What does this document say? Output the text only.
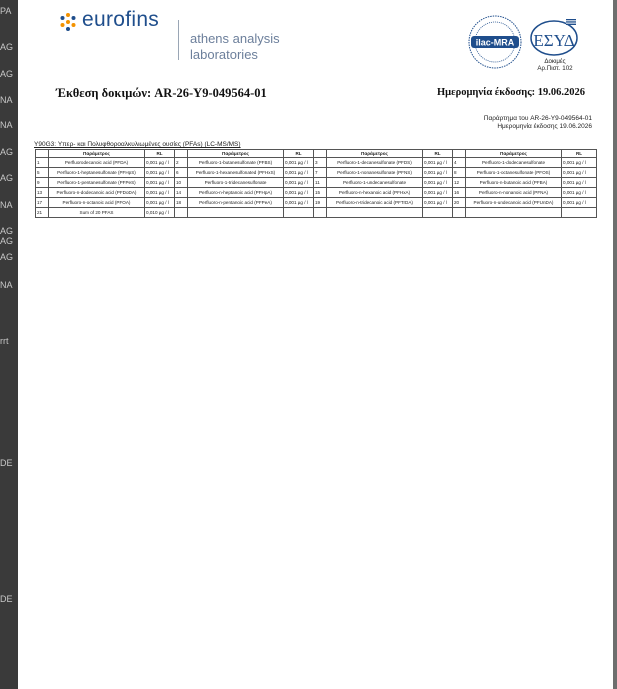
PA
AG
AG
NA
NA
AG
AG
NA
AG
AG
AG
NA
rrt
DE
DE
eurofins
athens analysis
laboratories
ilac-MRA ΕΣΥΔ
Δοκιμές
Αρ.Πιστ. 102
Έκθεση δοκιμών: AR-26-Y9-049564-01	Ημερομηνία έκδοσης: 19.06.2026
Παράρτημα του AR-26-Y9-049564-01
Ημερομηνία έκδοσης 19.06.2026
Y90G3: Υπερ- και Πολυφθοροαλκυλιωμένες ουσίες (PFAs) (LC-MS/MS)
	Παράμετρος	RL		Παράμετρος	RL		Παράμετρος	RL		Παράμετρος	RL
1	Perfluorodecanoic acid (PFDA)	0,001 µg / l	2	Perfluoro-1-butanesulfonate (PFBS)	0,001 µg / l	3	Perfluoro-1-decanesulfonate (PFDS)	0,001 µg / l	4	Perfluoro-1-dodecanesulfonate	0,001 µg / l
5	Perfluoro-1-heptanesulfonate (PFHpS)	0,001 µg / l	6	Perfluoro-1-hexanesulfonated (PFHxS)	0,001 µg / l	7	Perfluoro-1-nonanesulfonate (PFNS)	0,001 µg / l	8	Perfluoro-1-octanesulfonate (PFOS)	0,001 µg / l
9	Perfluoro-1-pentanesulfonate (PFPeS)	0,001 µg / l	10	Perfluoro-1-tridecanesulfonate	0,001 µg / l	11	Perfluoro-1-undecanesulfonate	0,001 µg / l	12	Perfluoro-n-butanoic acid (PFBA)	0,001 µg / l
13	Perfluoro-n-dodecanoic acid (PFDoDA)	0,001 µg / l	14	Perfluoro-n-heptanoic acid (PFHpA)	0,001 µg / l	15	Perfluoro-n-hexanoic acid (PFHxA)	0,001 µg / l	16	Perfluoro-n-nonanoic acid (PFNA)	0,001 µg / l
17	Perfluoro-n-octanoic acid (PFOA)	0,001 µg / l	18	Perfluoro-n-pentanoic acid (PFPeA)	0,001 µg / l	19	Perfluoro-n-tridecanoic acid (PFTrDA)	0,001 µg / l	20	Perfluoro-n-undecanoic acid (PFUnDA)	0,001 µg / l
21	Sum of 20 PFAS	0,010 µg / l									
